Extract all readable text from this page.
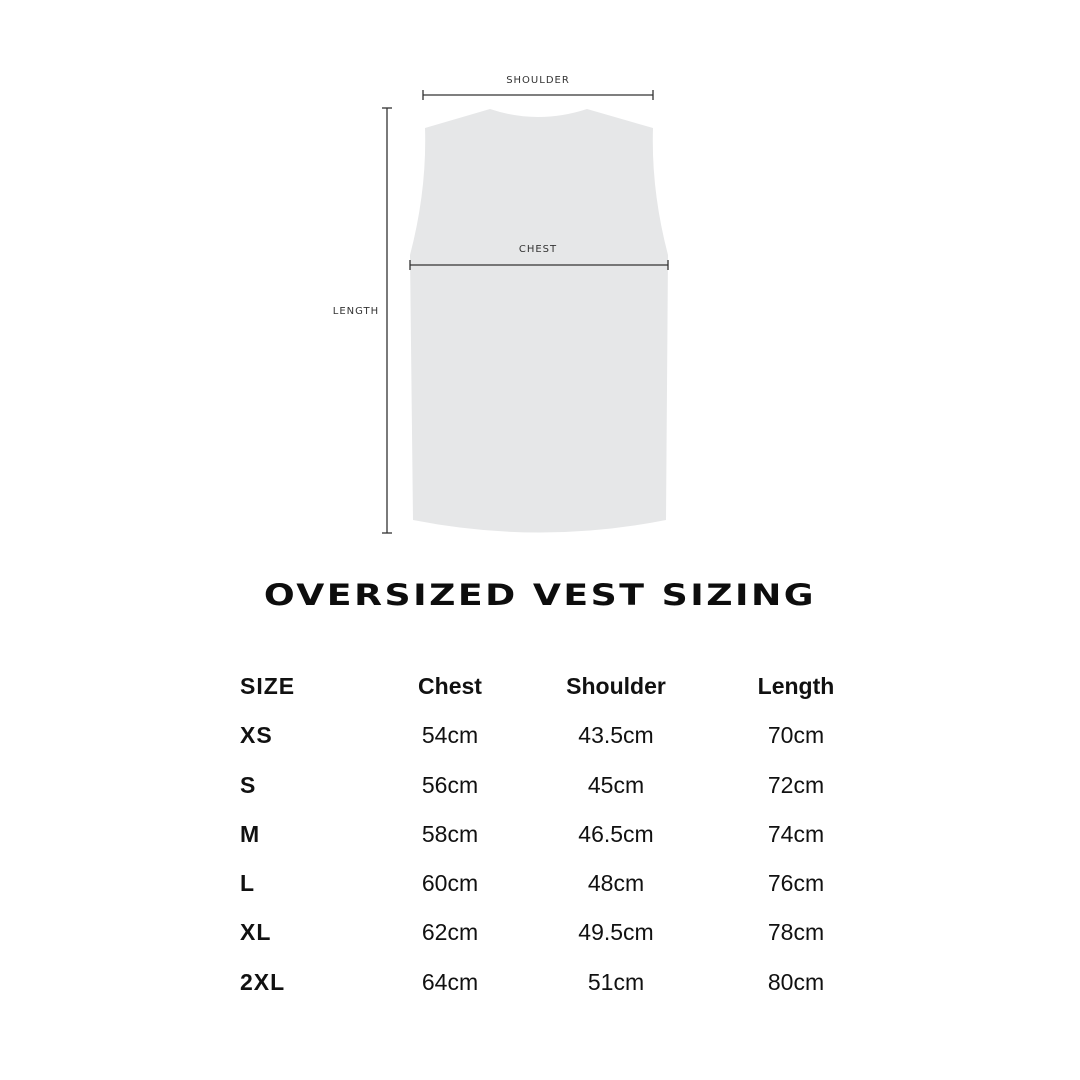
SHOULDER
CHEST
LENGTH
OVERSIZED VEST SIZING
SIZE	Chest	Shoulder	Length
XS	54cm	43.5cm	70cm
S	56cm	45cm	72cm
M	58cm	46.5cm	74cm
L	60cm	48cm	76cm
XL	62cm	49.5cm	78cm
2XL	64cm	51cm	80cm
